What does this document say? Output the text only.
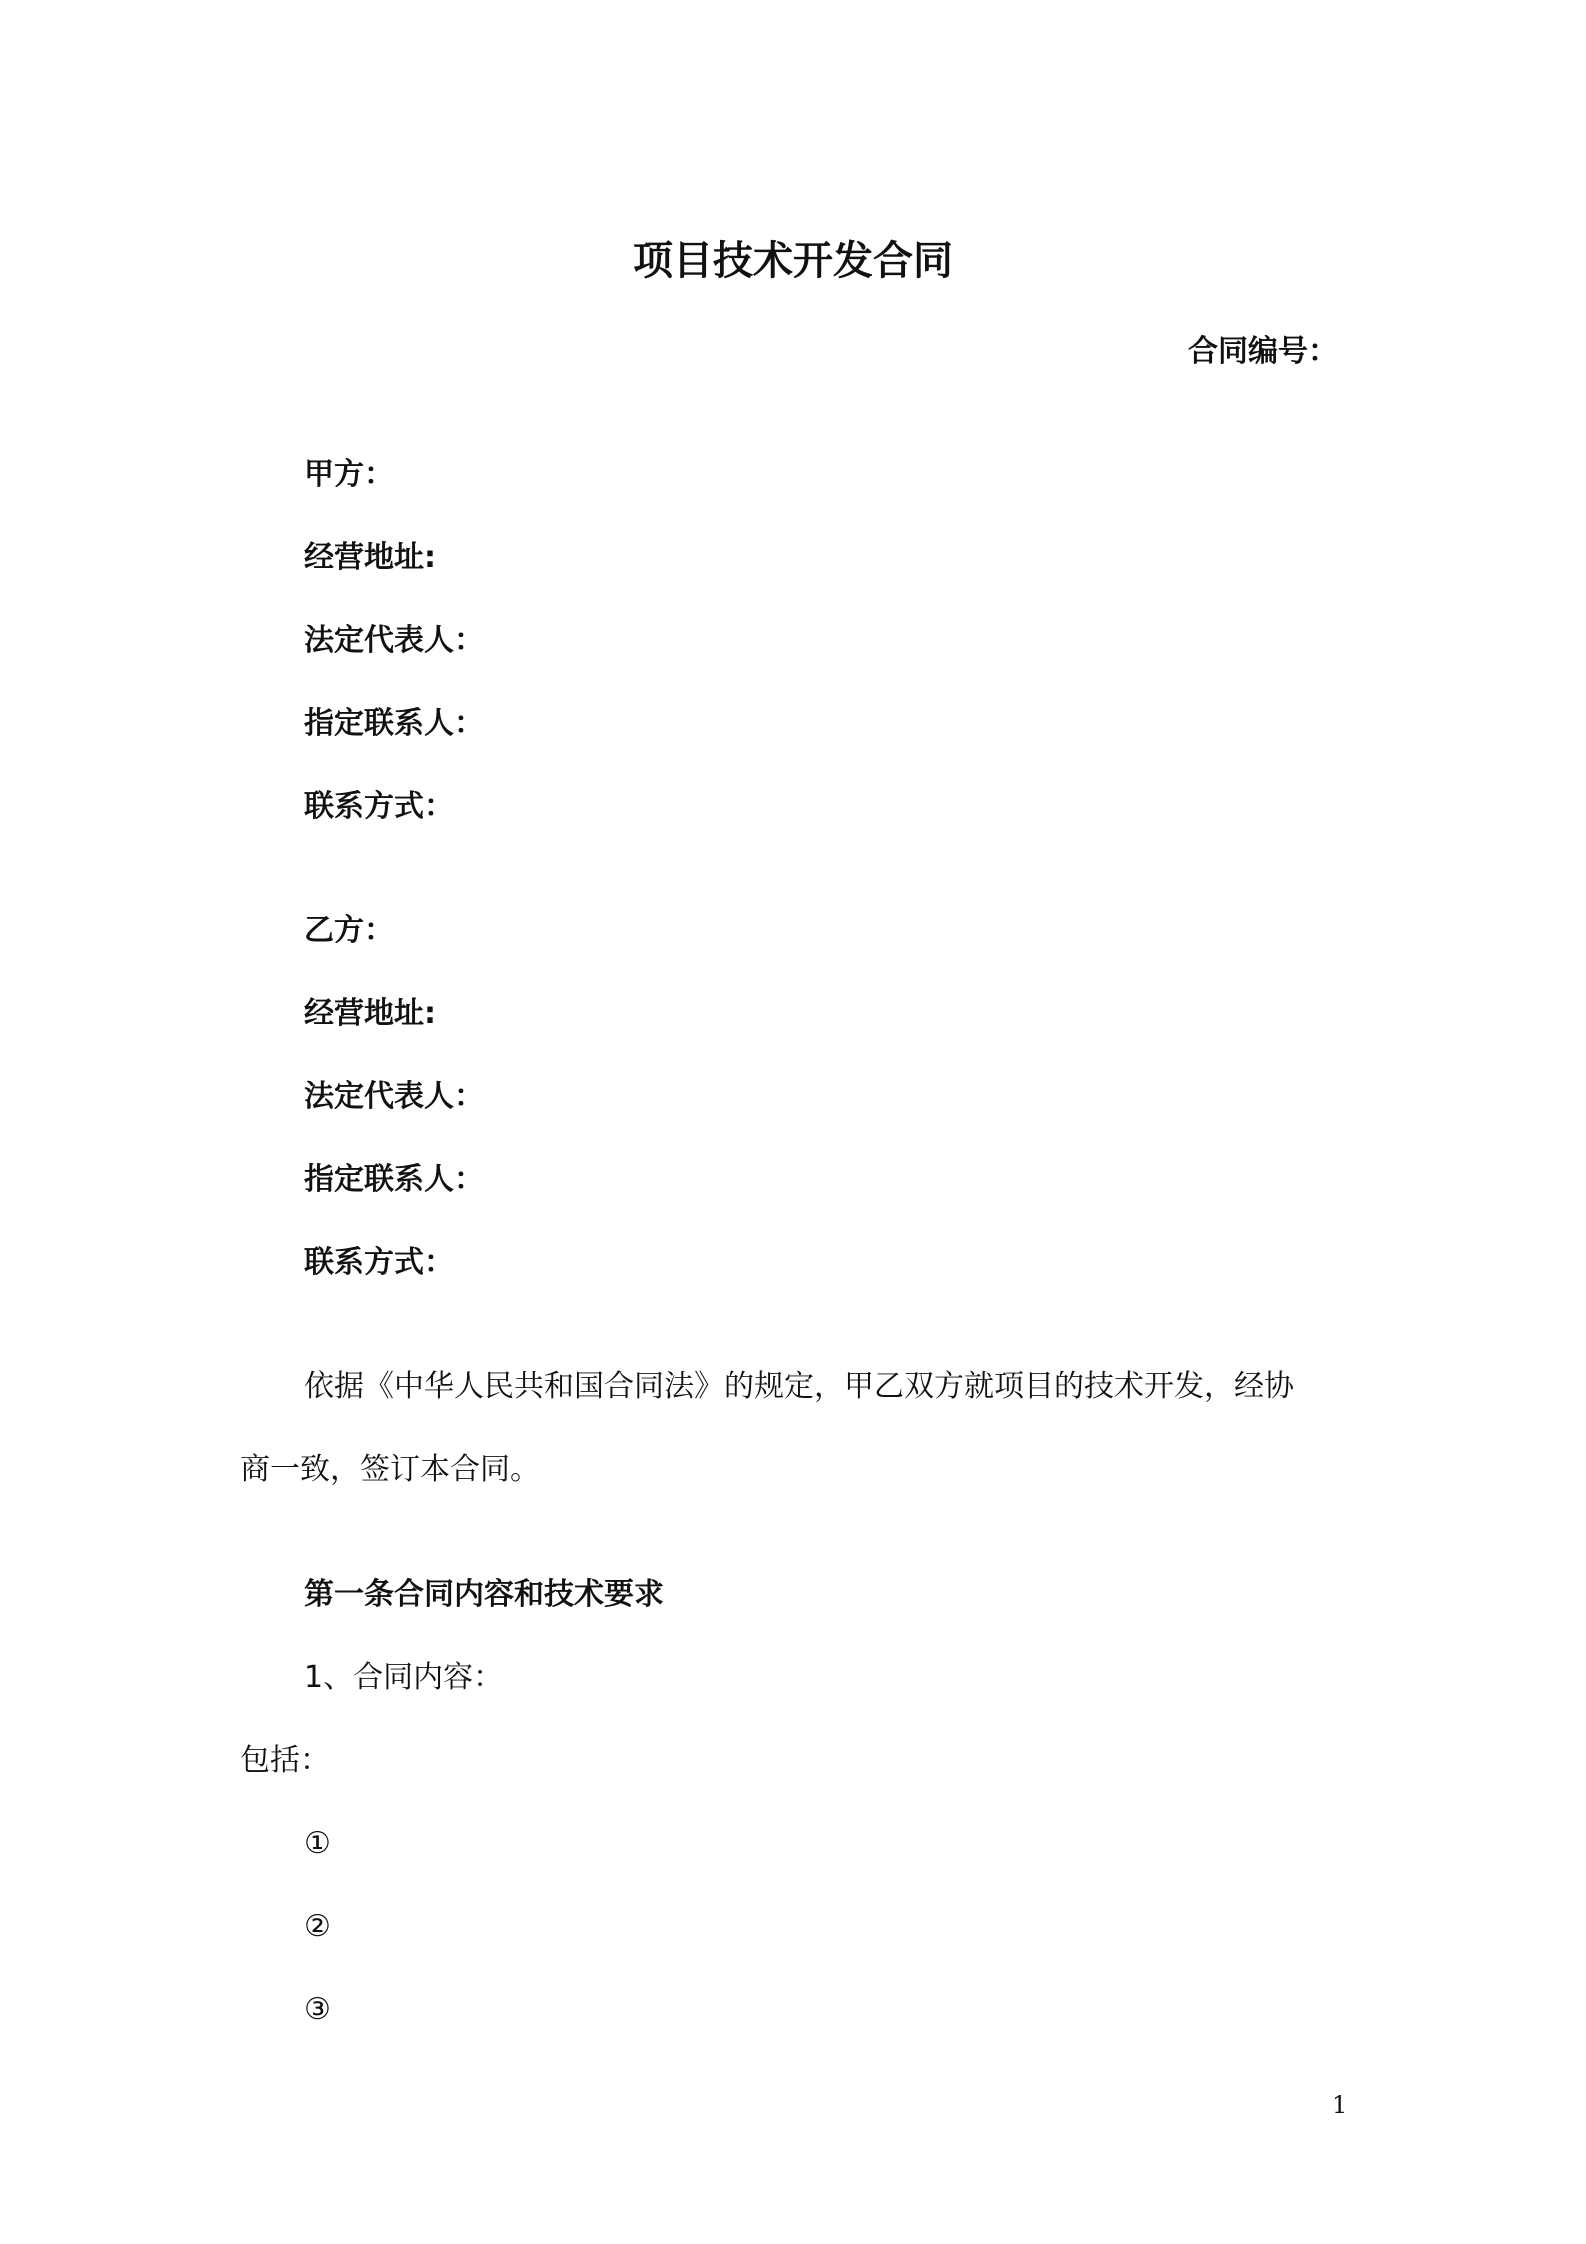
项目技术开发合同
合同编号：
甲方：
经营地址:
法定代表人：
指定联系人：
联系方式：
乙方：
经营地址:
法定代表人：
指定联系人：
联系方式：
依据《中华人民共和国合同法》的规定，甲乙双方就项目的技术开发，经协
商一致，签订本合同。
第一条合同内容和技术要求
1、合同内容：
包括：
①
②
③
1
